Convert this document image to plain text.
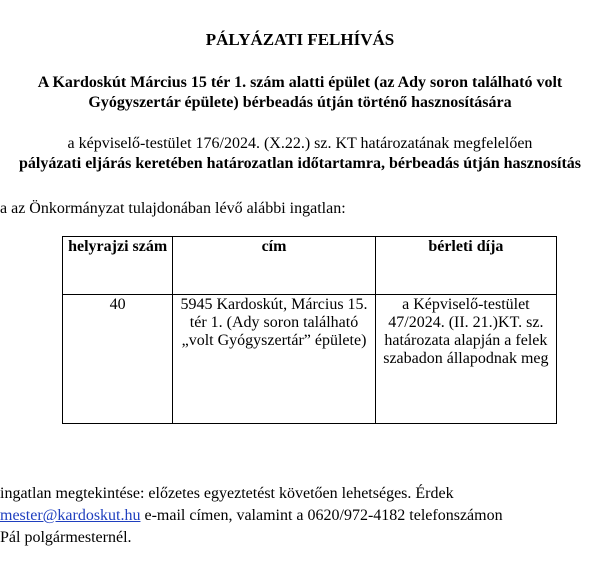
PÁLYÁZATI FELHÍVÁS
A Kardoskút Március 15 tér 1. szám alatti épület (az Ady soron található volt
Gyógyszertár épülete) bérbeadás útján történő hasznosítására
a képviselő-testület 176/2024. (X.22.) sz. KT határozatának megfelelően
pályázati eljárás keretében határozatlan időtartamra, bérbeadás útján hasznosítás
a az Önkormányzat tulajdonában lévő alábbi ingatlan:
helyrajzi szám	cím	bérleti díja
40	5945 Kardoskút, Március 15. tér 1. (Ady soron található „volt Gyógyszertár” épülete)	a Képviselő-testület 47/2024. (II. 21.)KT. sz. határozata alapján a felek szabadon állapodnak meg
ingatlan megtekintése: előzetes egyeztetést követően lehetséges. Érdek
mester@kardoskut.hu e-mail címen, valamint a 0620/972-4182 telefonszámon
Pál polgármesternél.
